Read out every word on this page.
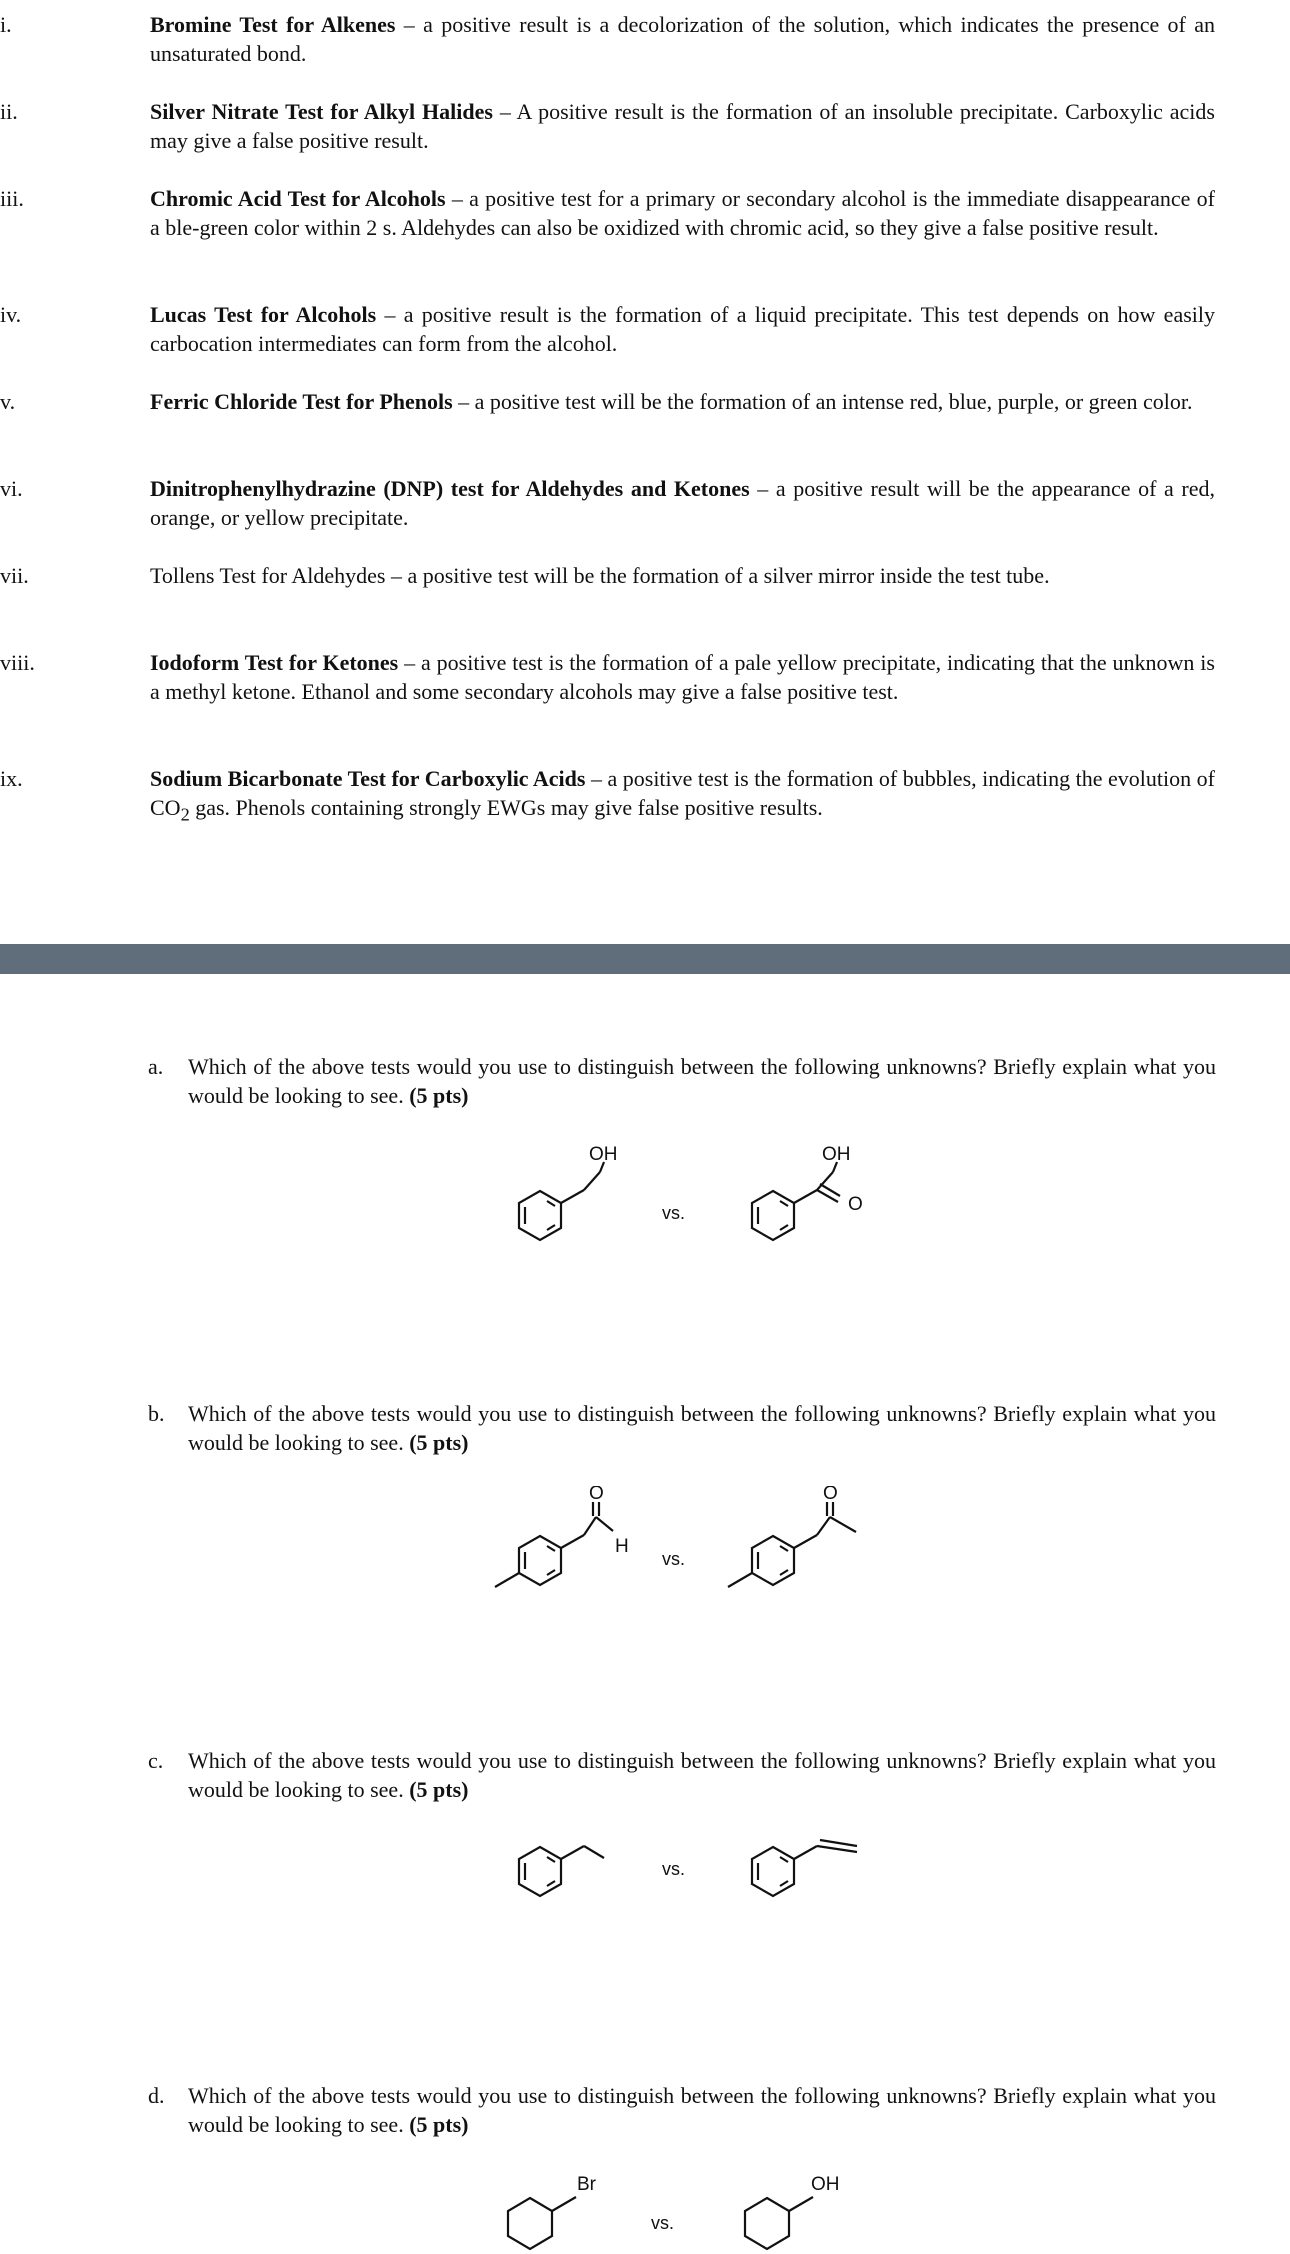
i.	Bromine Test for Alkenes – a positive result is a decolorization of the solution, which indicates the presence of an unsaturated bond.
ii.	Silver Nitrate Test for Alkyl Halides – A positive result is the formation of an insoluble precipitate. Carboxylic acids may give a false positive result.
iii.	Chromic Acid Test for Alcohols – a positive test for a primary or secondary alcohol is the immediate disappearance of a ble-green color within 2 s. Aldehydes can also be oxidized with chromic acid, so they give a false positive result.
iv.	Lucas Test for Alcohols – a positive result is the formation of a liquid precipitate. This test depends on how easily carbocation intermediates can form from the alcohol.
v.	Ferric Chloride Test for Phenols – a positive test will be the formation of an intense red, blue, purple, or green color.
vi.	Dinitrophenylhydrazine (DNP) test for Aldehydes and Ketones – a positive result will be the appearance of a red, orange, or yellow precipitate.
vii.	Tollens Test for Aldehydes – a positive test will be the formation of a silver mirror inside the test tube.
viii.	Iodoform Test for Ketones – a positive test is the formation of a pale yellow precipitate, indicating that the unknown is a methyl ketone. Ethanol and some secondary alcohols may give a false positive test.
ix.	Sodium Bicarbonate Test for Carboxylic Acids – a positive test is the formation of bubbles, indicating the evolution of $CO_2$ gas. Phenols containing strongly EWGs may give false positive results.
a. Which of the above tests would you use to distinguish between the following unknowns? Briefly explain what you would be looking to see. (5 pts)
OH
vs.
OH
O
b. Which of the above tests would you use to distinguish between the following unknowns? Briefly explain what you would be looking to see. (5 pts)
O
H
vs.
O
c. Which of the above tests would you use to distinguish between the following unknowns? Briefly explain what you would be looking to see. (5 pts)
vs.
d. Which of the above tests would you use to distinguish between the following unknowns? Briefly explain what you would be looking to see. (5 pts)
Br
vs.
OH
